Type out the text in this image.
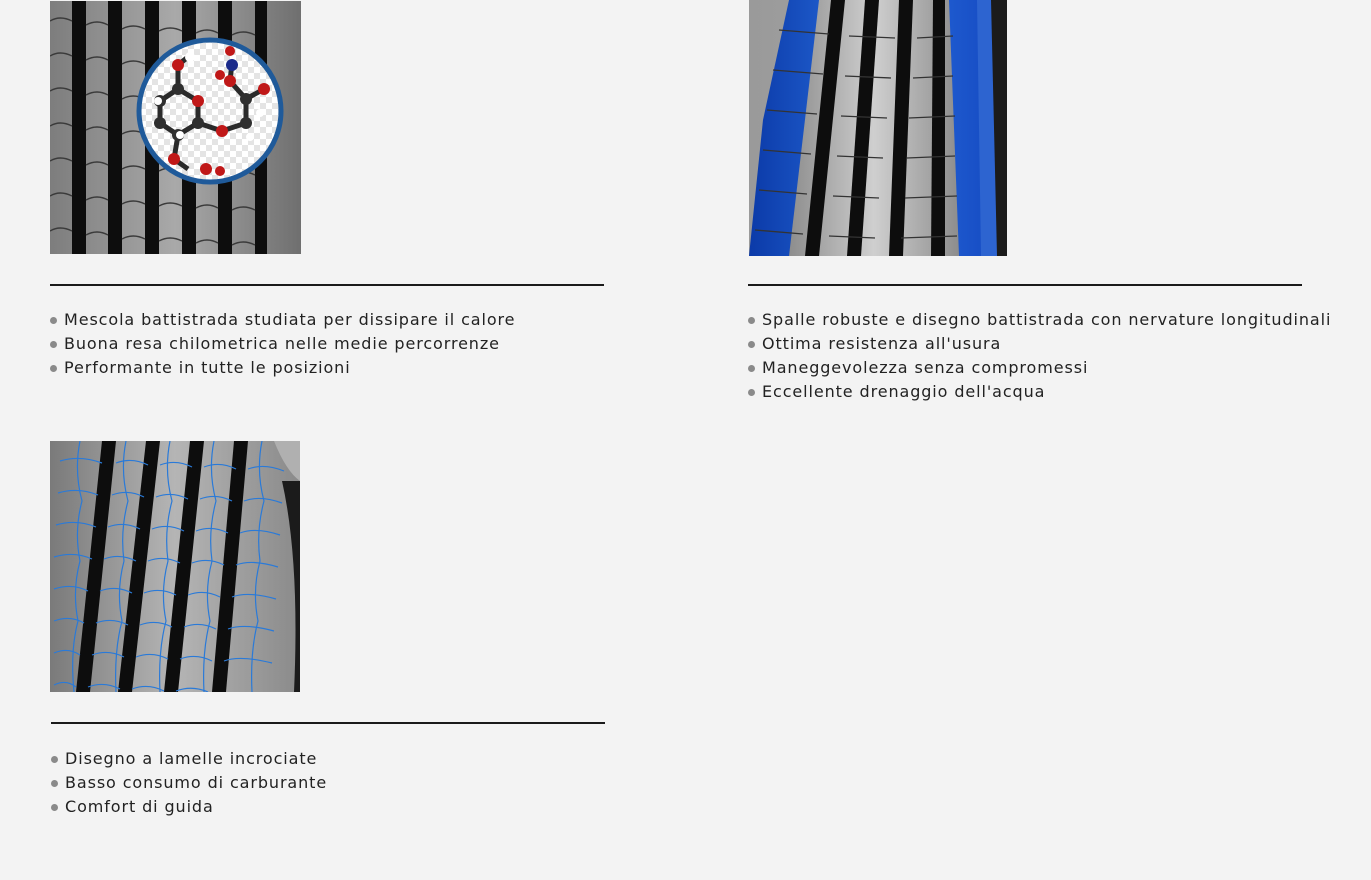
Mescola battistrada studiata per dissipare il calore
Buona resa chilometrica nelle medie percorrenze
Performante in tutte le posizioni
Spalle robuste e disegno battistrada con nervature longitudinali
Ottima resistenza all'usura
Maneggevolezza senza compromessi
Eccellente drenaggio dell'acqua
Disegno a lamelle incrociate
Basso consumo di carburante
Comfort di guida
